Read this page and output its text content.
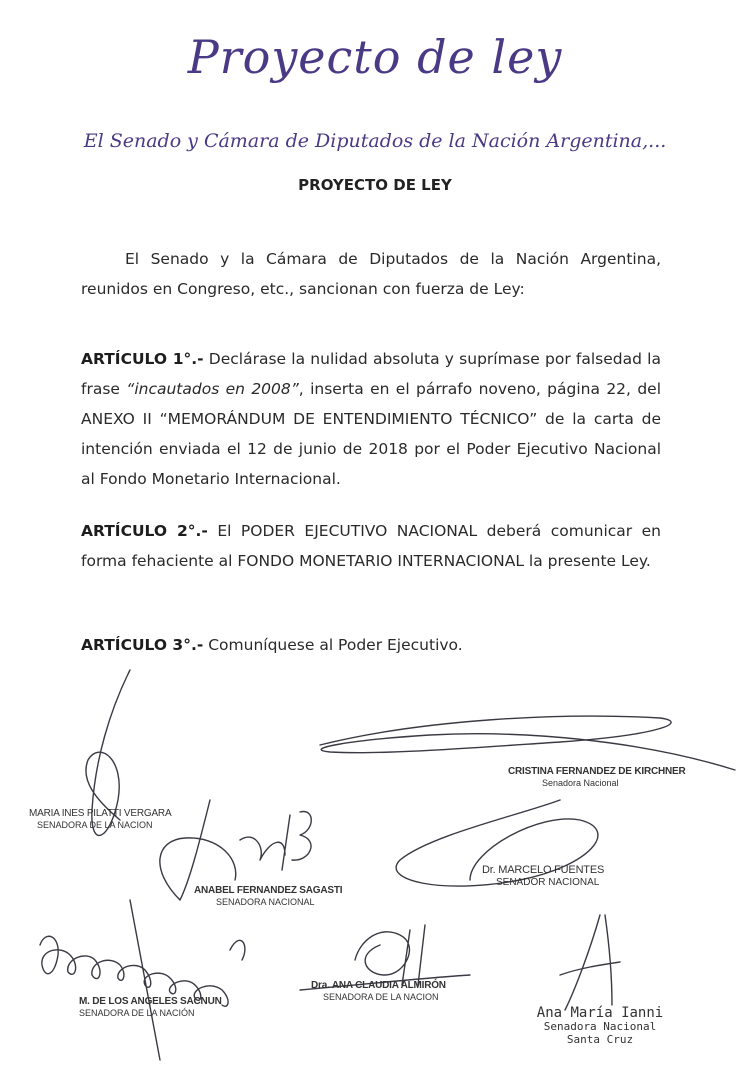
Proyecto de ley
El Senado y Cámara de Diputados de la Nación Argentina,...
PROYECTO DE LEY
El Senado y la Cámara de Diputados de la Nación Argentina, reunidos en Congreso, etc., sancionan con fuerza de Ley:
ARTÍCULO 1°.- Declárase la nulidad absoluta y suprímase por falsedad la frase “incautados en 2008”, inserta en el párrafo noveno, página 22, del ANEXO II “MEMORÁNDUM DE ENTENDIMIENTO TÉCNICO” de la carta de intención enviada el 12 de junio de 2018 por el Poder Ejecutivo Nacional al Fondo Monetario Internacional.
ARTÍCULO 2°.- El PODER EJECUTIVO NACIONAL deberá comunicar en forma fehaciente al FONDO MONETARIO INTERNACIONAL la presente Ley.
ARTÍCULO 3°.- Comuníquese al Poder Ejecutivo.
CRISTINA FERNANDEZ DE KIRCHNER
Senadora Nacional
MARIA INES PILATTI VERGARA
SENADORA DE LA NACION
Dr. MARCELO FUENTES
SENADOR NACIONAL
ANABEL FERNANDEZ SAGASTI
SENADORA NACIONAL
Dra. ANA CLAUDIA ALMIRÓN
SENADORA DE LA NACION
M. DE LOS ANGELES SACNUN
SENADORA DE LA NACIÓN	Ana María Ianni
Senadora Nacional
Santa Cruz
